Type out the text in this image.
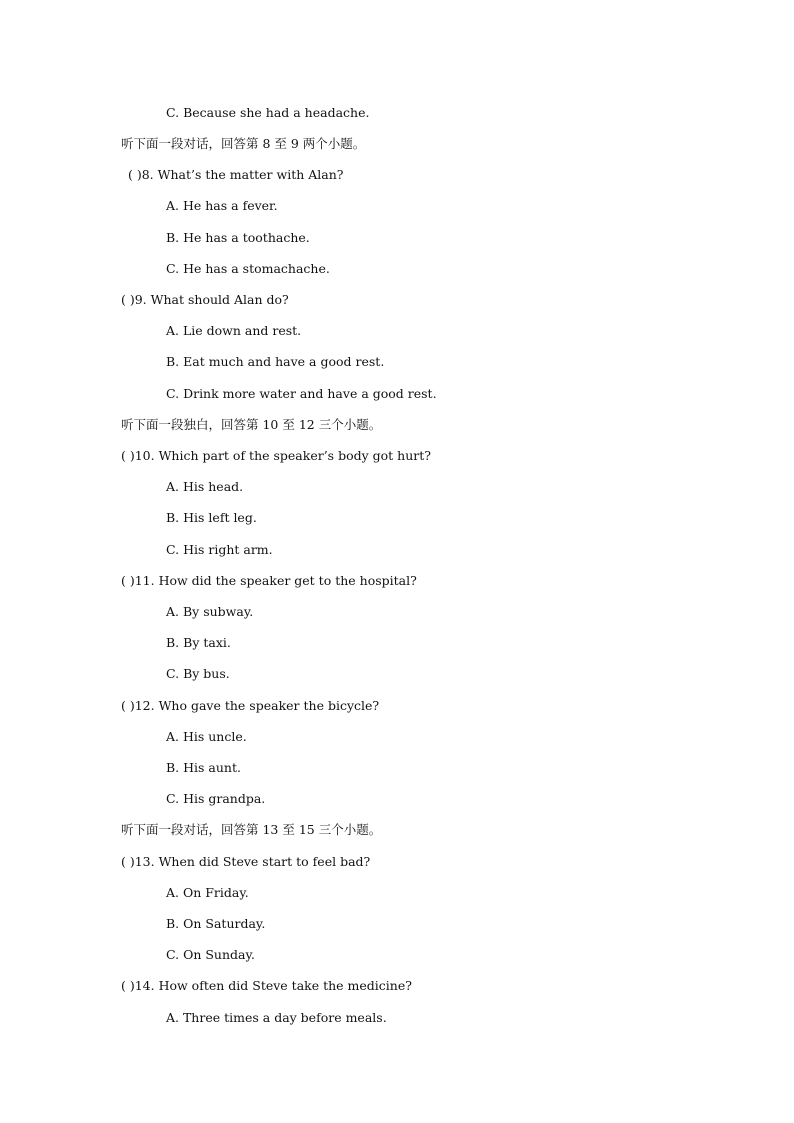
C. Because she had a headache.
听下面一段对话，回答第 8 至 9 两个小题。
( )8. What’s the matter with Alan?
A. He has a fever.
B. He has a toothache.
C. He has a stomachache.
( )9. What should Alan do?
A. Lie down and rest.
B. Eat much and have a good rest.
C. Drink more water and have a good rest.
听下面一段独白，回答第 10 至 12 三个小题。
( )10. Which part of the speaker’s body got hurt?
A. His head.
B. His left leg.
C. His right arm.
( )11. How did the speaker get to the hospital?
A. By subway.
B. By taxi.
C. By bus.
( )12. Who gave the speaker the bicycle?
A. His uncle.
B. His aunt.
C. His grandpa.
听下面一段对话，回答第 13 至 15 三个小题。
( )13. When did Steve start to feel bad?
A. On Friday.
B. On Saturday.
C. On Sunday.
( )14. How often did Steve take the medicine?
A. Three times a day before meals.
